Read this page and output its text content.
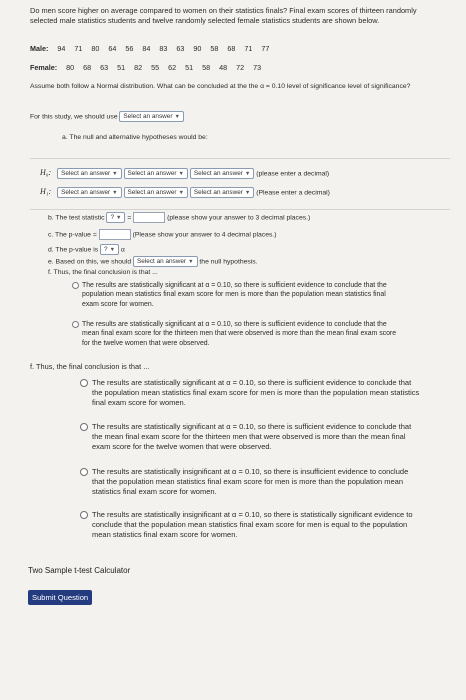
Do men score higher on average compared to women on their statistics finals? Final exam scores of thirteen randomly selected male statistics students and twelve randomly selected female statistics students are shown below.
Male: 94 71 80 64 56 84 83 63 90 58 68 71 77
Female: 80 68 63 51 82 55 62 51 58 48 72 73
Assume both follow a Normal distribution. What can be concluded at the the α = 0.10 level of significance level of significance?
For this study, we should use Select an answer ▼
a. The null and alternative hypotheses would be:
H₀: Select an answer ▼ Select an answer ▼ Select an answer ▼ (please enter a decimal)
H₁: Select an answer ▼ Select an answer ▼ Select an answer ▼ (Please enter a decimal)
b. The test statistic ? ▼ =	(please show your answer to 3 decimal places.)
c. The p-value =	(Please show your answer to 4 decimal places.)
d. The p-value is ? ▼ α
e. Based on this, we should Select an answer ▼ the null hypothesis.
f. Thus, the final conclusion is that ...
The results are statistically significant at α = 0.10, so there is sufficient evidence to conclude that the population mean statistics final exam score for men is more than the population mean statistics final exam score for women.
The results are statistically significant at α = 0.10, so there is sufficient evidence to conclude that the mean final exam score for the thirteen men that were observed is more than the mean final exam score for the twelve women that were observed.
f. Thus, the final conclusion is that ...
The results are statistically significant at α = 0.10, so there is sufficient evidence to conclude that the population mean statistics final exam score for men is more than the population mean statistics final exam score for women.
The results are statistically significant at α = 0.10, so there is sufficient evidence to conclude that the mean final exam score for the thirteen men that were observed is more than the mean final exam score for the twelve women that were observed.
The results are statistically insignificant at α = 0.10, so there is insufficient evidence to conclude that the population mean statistics final exam score for men is more than the population mean statistics final exam score for women.
The results are statistically insignificant at α = 0.10, so there is statistically significant evidence to conclude that the population mean statistics final exam score for men is equal to the population mean statistics final exam score for women.
Two Sample t-test Calculator
Submit Question
